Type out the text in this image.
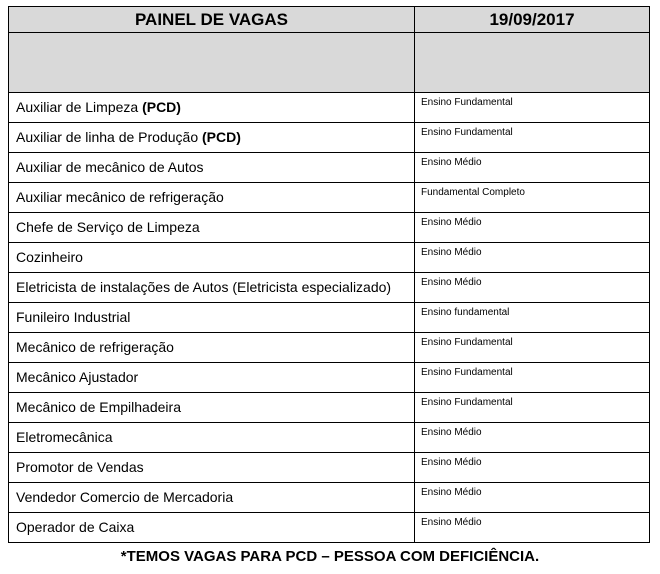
PAINEL DE VAGAS	19/09/2017

Auxiliar de Limpeza (PCD)	Ensino Fundamental

Auxiliar de linha de Produção (PCD)	Ensino Fundamental

Auxiliar de mecânico de Autos	Ensino Médio

Auxiliar mecânico de refrigeração	Fundamental Completo

Chefe de Serviço de Limpeza	Ensino Médio

Cozinheiro	Ensino Médio

Eletricista de instalações de Autos (Eletricista especializado)	Ensino Médio

Funileiro Industrial	Ensino fundamental

Mecânico de refrigeração	Ensino Fundamental

Mecânico Ajustador	Ensino Fundamental

Mecânico de Empilhadeira	Ensino Fundamental

Eletromecânica	Ensino Médio

Promotor de Vendas	Ensino Médio

Vendedor Comercio de Mercadoria	Ensino Médio

Operador de Caixa	Ensino Médio
*TEMOS VAGAS PARA PCD – PESSOA COM DEFICIÊNCIA.
